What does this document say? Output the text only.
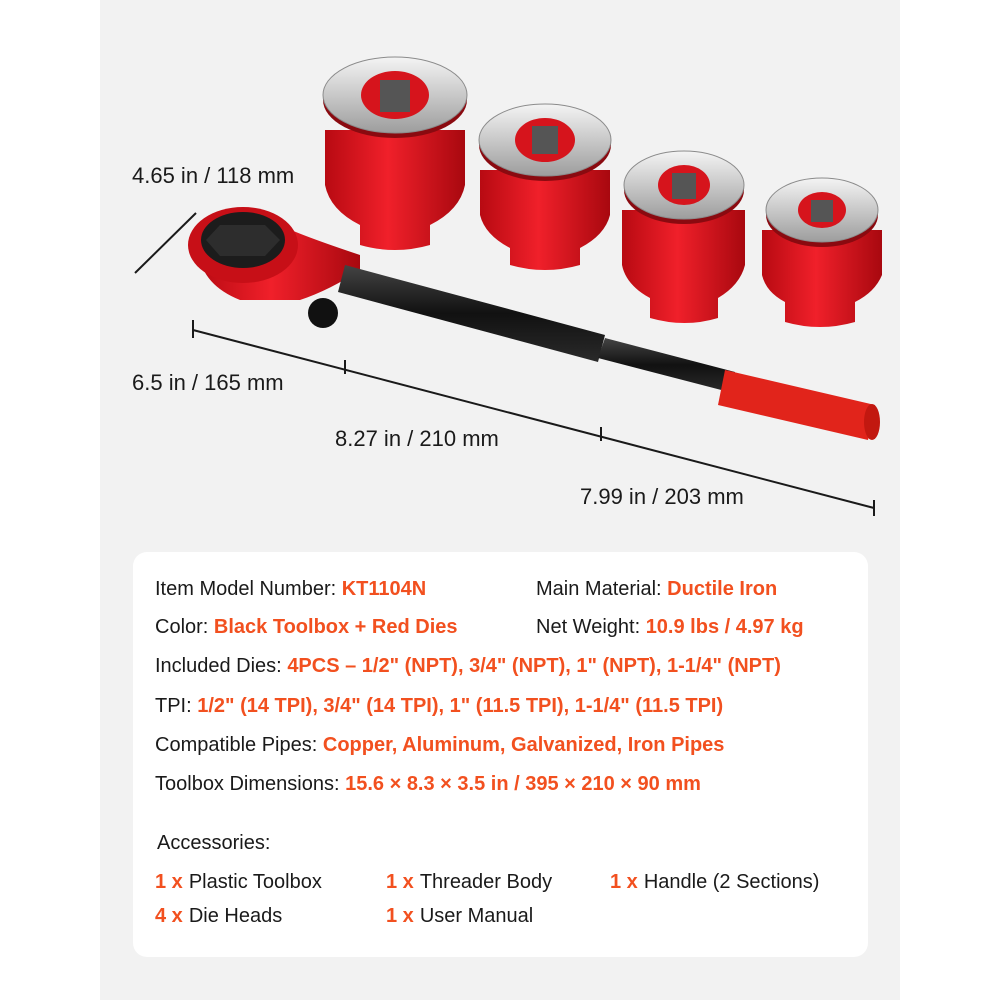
4.65 in / 118 mm
6.5 in / 165 mm
8.27 in / 210 mm
7.99 in / 203 mm
Item Model Number: KT1104N	Main Material: Ductile Iron
Color: Black Toolbox + Red Dies	Net Weight: 10.9 lbs / 4.97 kg
Included Dies: 4PCS – 1/2" (NPT), 3/4" (NPT), 1" (NPT), 1-1/4" (NPT)
TPI: 1/2" (14 TPI), 3/4" (14 TPI), 1" (11.5 TPI), 1-1/4" (11.5 TPI)
Compatible Pipes: Copper, Aluminum, Galvanized, Iron Pipes
Toolbox Dimensions: 15.6 × 8.3 × 3.5 in / 395 × 210 × 90 mm
Accessories:
1 x Plastic Toolbox	1 x Threader Body	1 x Handle (2 Sections)
4 x Die Heads	1 x User Manual
